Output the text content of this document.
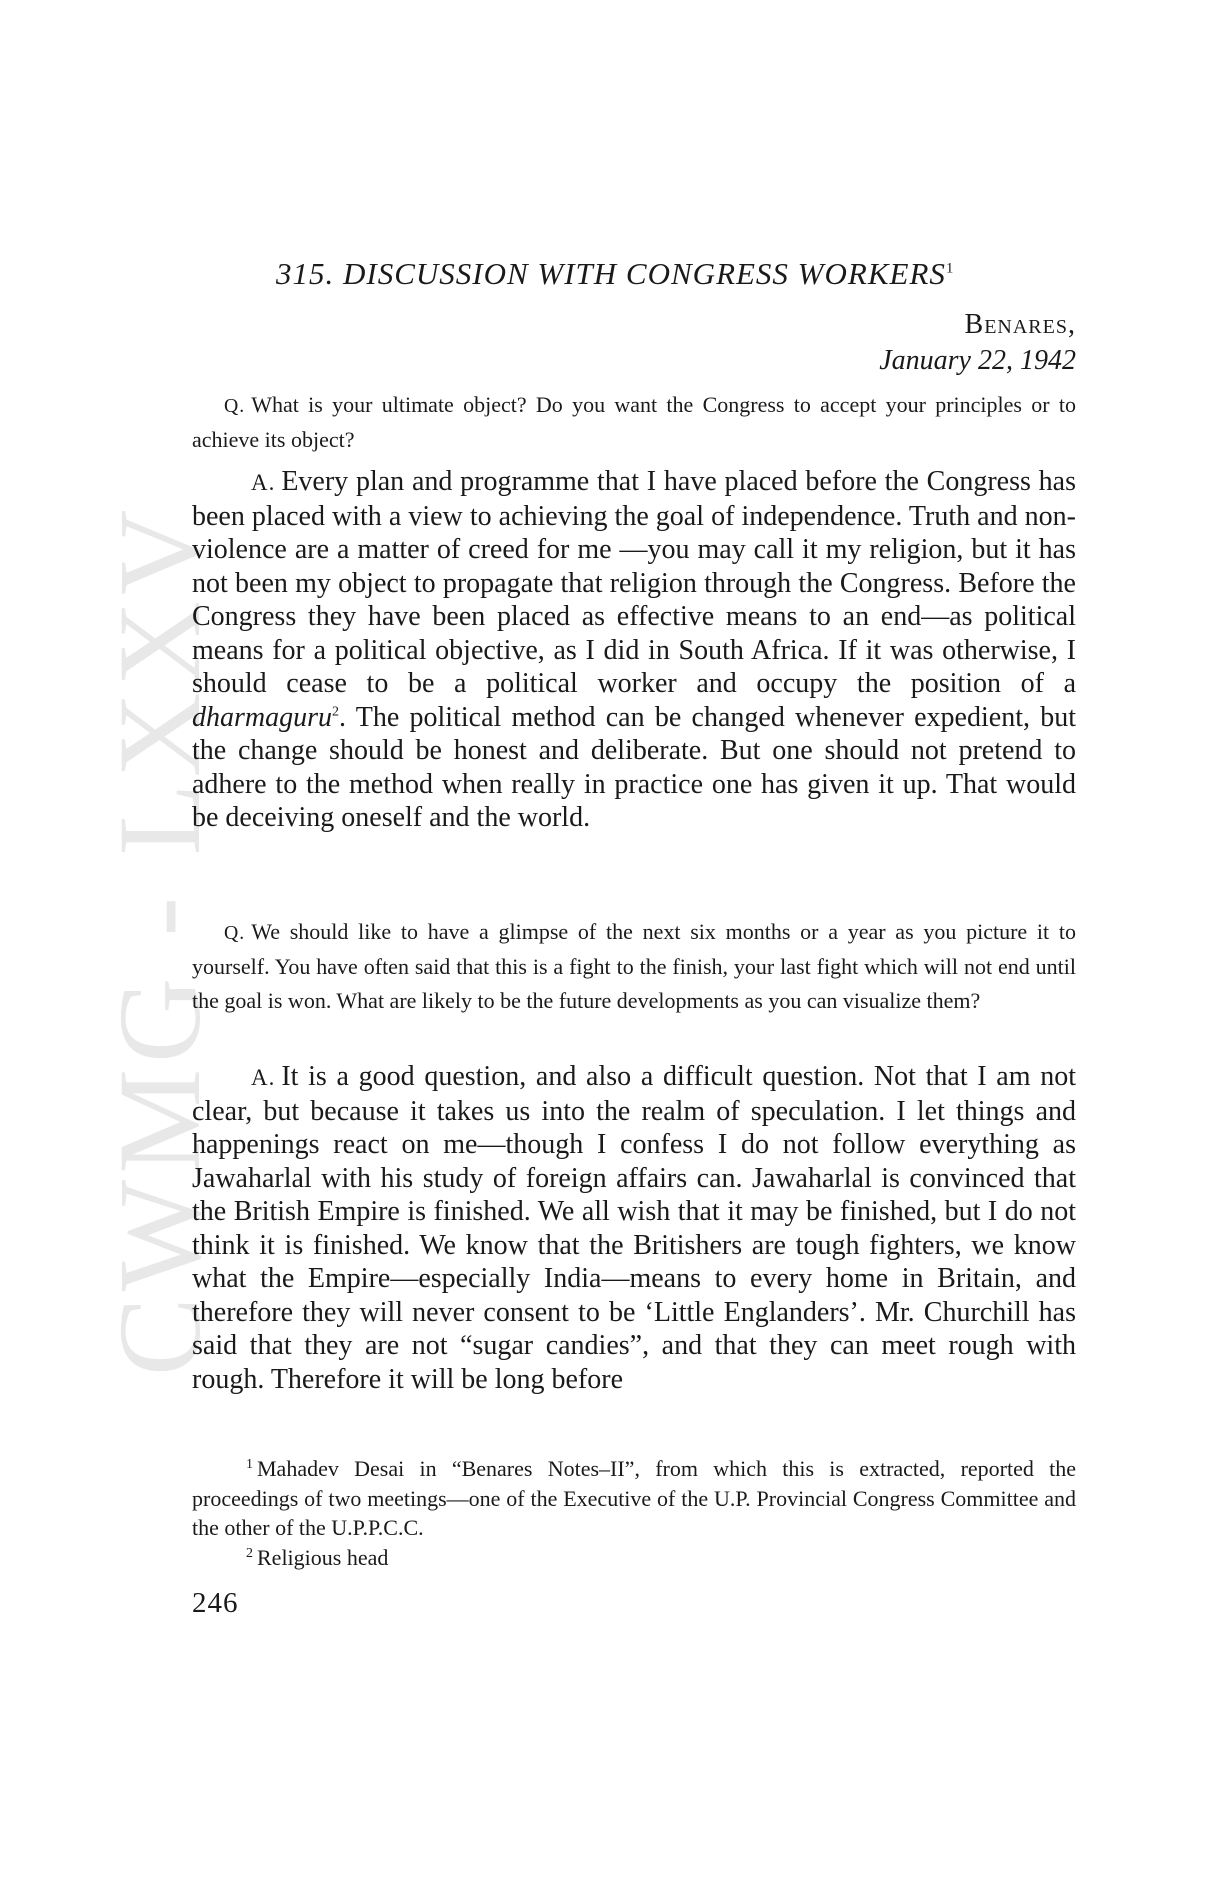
CWMG - LXXV
315. DISCUSSION WITH CONGRESS WORKERS$^1$
Benares,
January 22, 1942
Q. What is your ultimate object? Do you want the Congress to accept your principles or to achieve its object?
A. Every plan and programme that I have placed before the Congress has been placed with a view to achieving the goal of independence. Truth and non-violence are a matter of creed for me —you may call it my religion, but it has not been my object to propagate that religion through the Congress. Before the Congress they have been placed as effective means to an end—as political means for a political objective, as I did in South Africa. If it was otherwise, I should cease to be a political worker and occupy the position of a dharmaguru$^2$. The political method can be changed whenever expedient, but the change should be honest and deliberate. But one should not pretend to adhere to the method when really in practice one has given it up. That would be deceiving oneself and the world.
Q. We should like to have a glimpse of the next six months or a year as you picture it to yourself. You have often said that this is a fight to the finish, your last fight which will not end until the goal is won. What are likely to be the future developments as you can visualize them?
A. It is a good question, and also a difficult question. Not that I am not clear, but because it takes us into the realm of speculation. I let things and happenings react on me—though I confess I do not follow everything as Jawaharlal with his study of foreign affairs can. Jawaharlal is convinced that the British Empire is finished. We all wish that it may be finished, but I do not think it is finished. We know that the Britishers are tough fighters, we know what the Empire—especially India—means to every home in Britain, and therefore they will never consent to be ‘Little Englanders’. Mr. Churchill has said that they are not “sugar candies”, and that they can meet rough with rough. Therefore it will be long before
$^1$ Mahadev Desai in “Benares Notes–II”, from which this is extracted, reported the proceedings of two meetings—one of the Executive of the U.P. Provincial Congress Committee and the other of the U.P.P.C.C.
$^2$ Religious head
246
